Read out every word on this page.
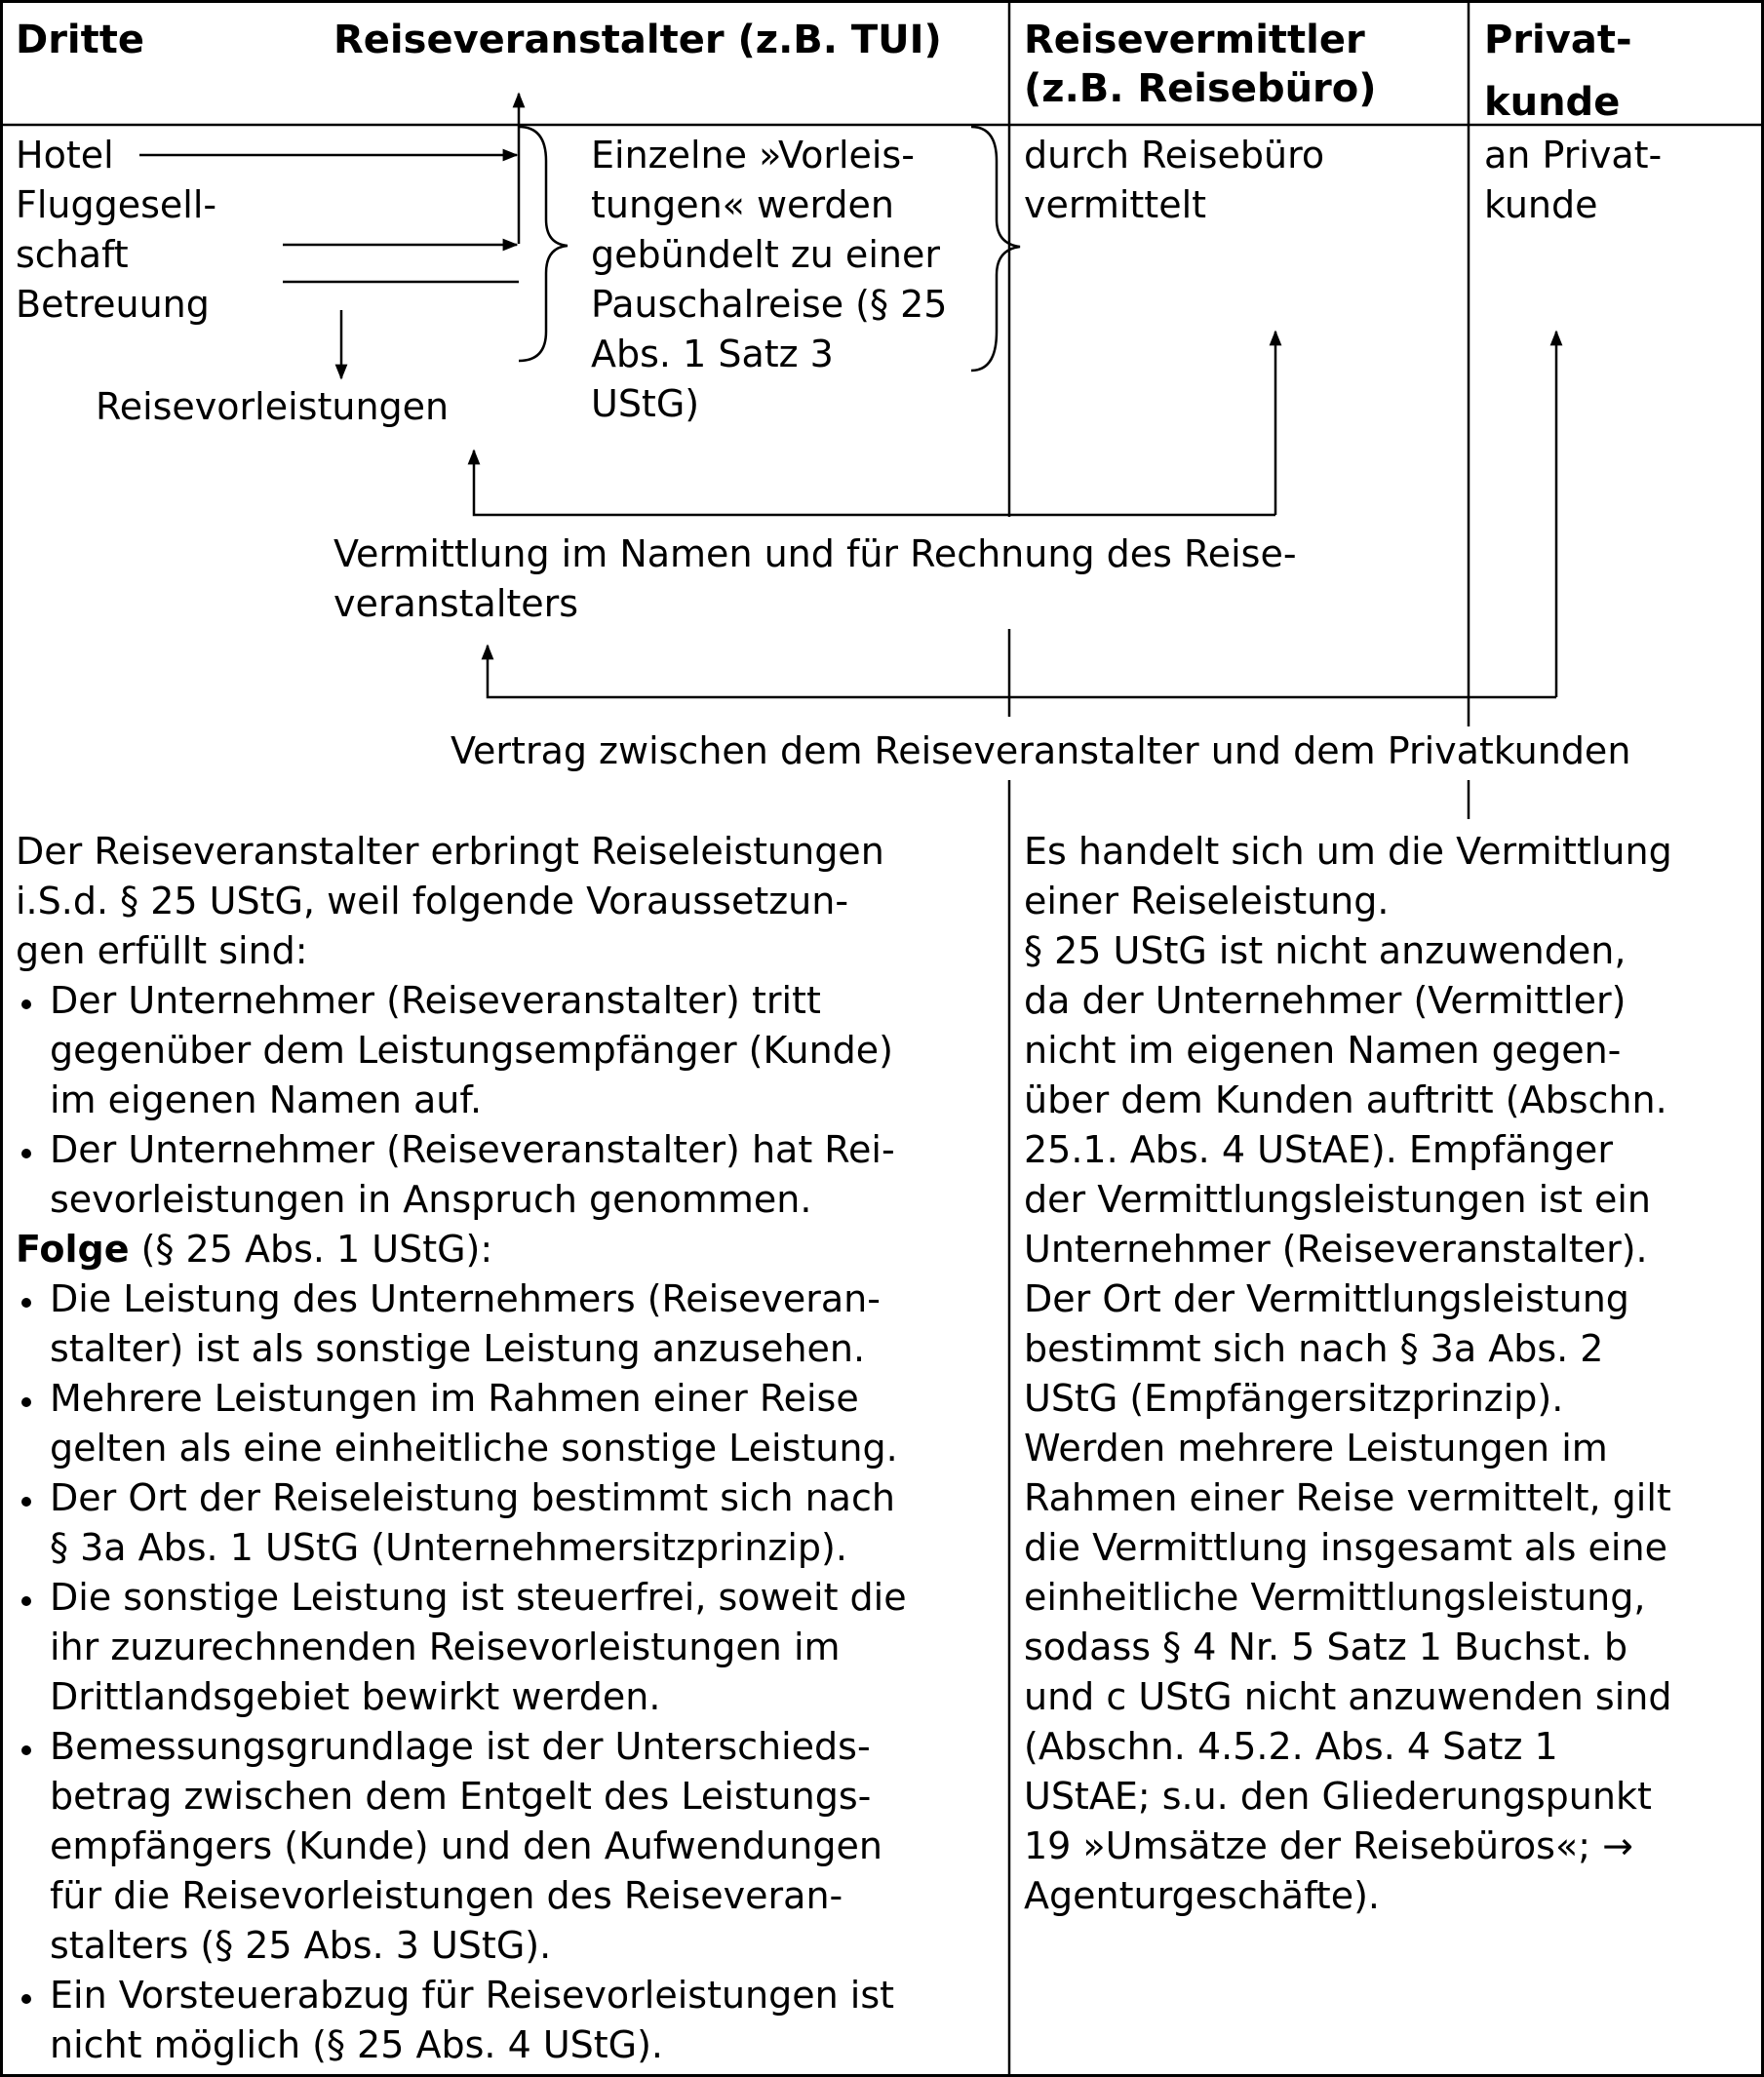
Dritte	Reiseveranstalter (z.B. TUI) Reisevermittler
(z.B. Reisebüro)
Privat-
kunde

Hotel

Fluggesell-

schaft

Betreuung

Reisevorleistungen

Einzelne »Vorleis-

tungen« werden

gebündelt zu einer

Pauschalreise (§ 25

Abs. 1 Satz 3

UStG)

durch Reisebüro

vermittelt

an Privat-

kunde

Vermittlung im Namen und für Rechnung des Reise-

veranstalters

Vertrag zwischen dem Reiseveranstalter und dem Privatkunden

Der Reiseveranstalter erbringt Reiseleistungen

i.S.d. § 25 UStG, weil folgende Voraussetzun-

gen erfüllt sind:

Der Unternehmer (Reiseveranstalter) tritt
gegenüber dem Leistungsempfänger (Kunde)
im eigenen Namen auf.
Der Unternehmer (Reiseveranstalter) hat Rei-
sevorleistungen in Anspruch genommen.

Folge (§ 25 Abs. 1 UStG):

Die Leistung des Unternehmers (Reiseveran-
stalter) ist als sonstige Leistung anzusehen.
Mehrere Leistungen im Rahmen einer Reise
gelten als eine einheitliche sonstige Leistung.
Der Ort der Reiseleistung bestimmt sich nach
§ 3a Abs. 1 UStG (Unternehmersitzprinzip).
Die sonstige Leistung ist steuerfrei, soweit die
ihr zuzurechnenden Reisevorleistungen im
Drittlandsgebiet bewirkt werden.
Bemessungsgrundlage ist der Unterschieds-
betrag zwischen dem Entgelt des Leistungs-
empfängers (Kunde) und den Aufwendungen
für die Reisevorleistungen des Reiseveran-
stalters (§ 25 Abs. 3 UStG).
Ein Vorsteuerabzug für Reisevorleistungen ist
nicht möglich (§ 25 Abs. 4 UStG).

Es handelt sich um die Vermittlung

einer Reiseleistung.

§ 25 UStG ist nicht anzuwenden,

da der Unternehmer (Vermittler)

nicht im eigenen Namen gegen-

über dem Kunden auftritt (Abschn.

25.1. Abs. 4 UStAE). Empfänger

der Vermittlungsleistungen ist ein

Unternehmer (Reiseveranstalter).

Der Ort der Vermittlungsleistung

bestimmt sich nach § 3a Abs. 2

UStG (Empfängersitzprinzip).

Werden mehrere Leistungen im

Rahmen einer Reise vermittelt, gilt

die Vermittlung insgesamt als eine

einheitliche Vermittlungsleistung,

sodass § 4 Nr. 5 Satz 1 Buchst. b

und c UStG nicht anzuwenden sind

(Abschn. 4.5.2. Abs. 4 Satz 1

UStAE; s.u. den Gliederungspunkt

19 »Umsätze der Reisebüros«; →

Agenturgeschäfte).
